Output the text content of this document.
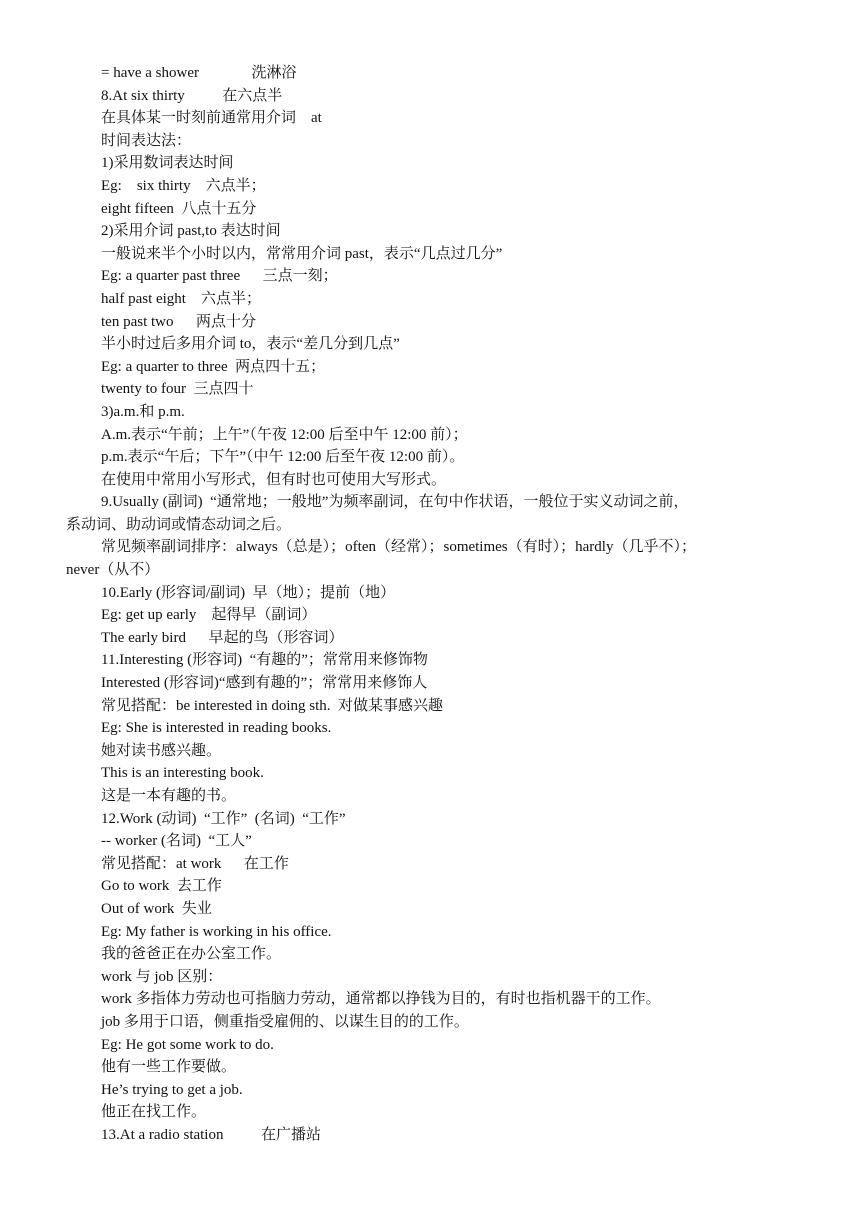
= have a shower              洗淋浴
8.At six thirty          在六点半
在具体某一时刻前通常用介词    at
时间表达法：
1)采用数词表达时间
Eg:    six thirty    六点半；
eight fifteen  八点十五分
2)采用介词 past,to 表达时间
一般说来半个小时以内，常常用介词 past，表示“几点过几分”
Eg: a quarter past three      三点一刻；
half past eight    六点半；
ten past two      两点十分
半小时过后多用介词 to，表示“差几分到几点”
Eg: a quarter to three  两点四十五；
twenty to four  三点四十
3)a.m.和 p.m.
A.m.表示“午前；上午”（午夜 12:00 后至中午 12:00 前）；
p.m.表示“午后；下午”（中午 12:00 后至午夜 12:00 前）。
在使用中常用小写形式，但有时也可使用大写形式。
9.Usually (副词)  “通常地；一般地”为频率副词，在句中作状语，一般位于实义动词之前，
系动词、助动词或情态动词之后。
常见频率副词排序：always（总是）；often（经常）；sometimes（有时）；hardly（几乎不）；
never（从不）
10.Early (形容词/副词)  早（地）；提前（地）
Eg: get up early    起得早（副词）
The early bird      早起的鸟（形容词）
11.Interesting (形容词)  “有趣的”；常常用来修饰物
Interested (形容词)“感到有趣的”；常常用来修饰人
常见搭配：be interested in doing sth.  对做某事感兴趣
Eg: She is interested in reading books.
她对读书感兴趣。
This is an interesting book.
这是一本有趣的书。
12.Work (动词)  “工作”  (名词)  “工作”
-- worker (名词)  “工人”
常见搭配：at work      在工作
Go to work  去工作
Out of work  失业
Eg: My father is working in his office.
我的爸爸正在办公室工作。
work 与 job 区别：
work 多指体力劳动也可指脑力劳动，通常都以挣钱为目的，有时也指机器干的工作。
job 多用于口语，侧重指受雇佣的、以谋生目的的工作。
Eg: He got some work to do.
他有一些工作要做。
He’s trying to get a job.
他正在找工作。
13.At a radio station          在广播站
